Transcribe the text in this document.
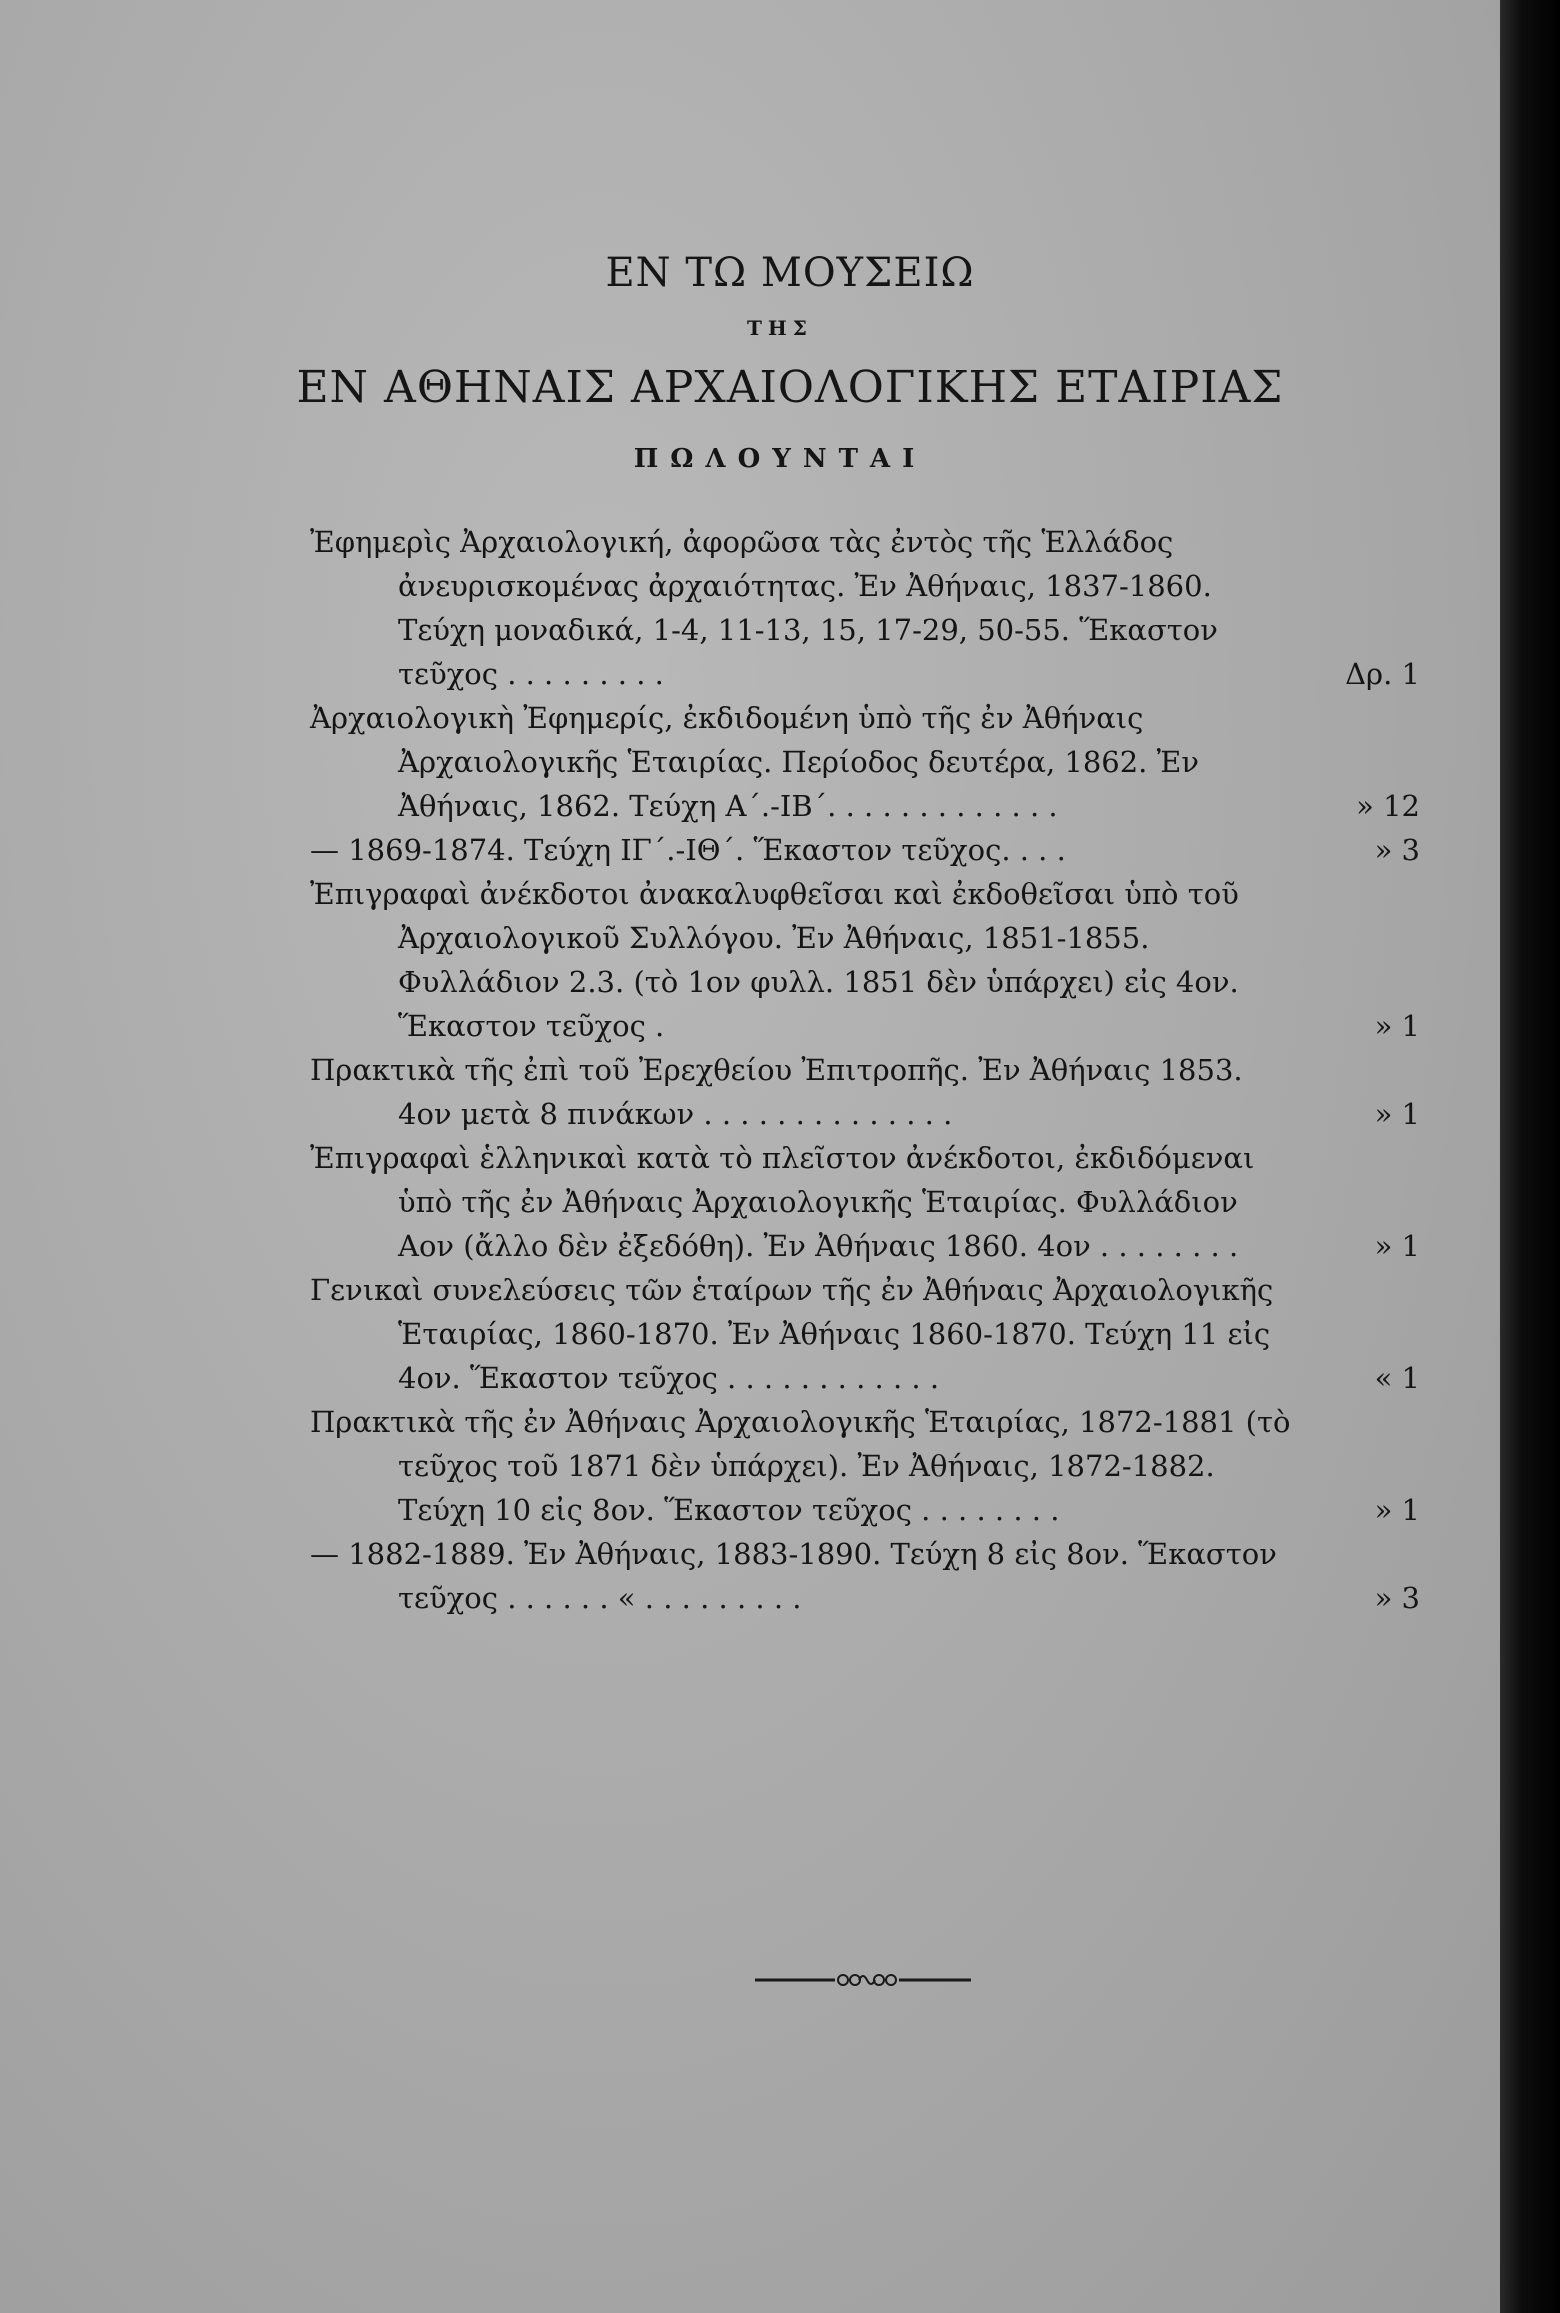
ΕΝ ΤΩ ΜΟΥΣΕΙΩ
ΤΗΣ
ΕΝ ΑΘΗΝΑΙΣ ΑΡΧΑΙΟΛΟΓΙΚΗΣ ΕΤΑΙΡΙΑΣ
ΠΩΛΟΥΝΤΑΙ
Ἐφημερὶς Ἀρχαιολογική, ἀφορῶσα τὰς ἐντὸς τῆς Ἑλλάδος ἀνευρισκομένας ἀρχαιότητας. Ἐν Ἀθήναις, 1837-1860. Τεύχη μοναδικά, 1-4, 11-13, 15, 17-29, 50-55. Ἕκαστον τεῦχος . . . . . . . . .	Δρ. 1
Ἀρχαιολογικὴ Ἐφημερίς, ἐκδιδομένη ὑπὸ τῆς ἐν Ἀθήναις Ἀρχαιολογικῆς Ἑταιρίας. Περίοδος δευτέρα, 1862. Ἐν Ἀθήναις, 1862. Τεύχη Α΄.-ΙΒ΄. . . . . . . . . . . . .	» 12
— 1869-1874. Τεύχη ΙΓ΄.-ΙΘ΄. Ἕκαστον τεῦχος. . . .	» 3
Ἐπιγραφαὶ ἀνέκδοτοι ἀνακαλυφθεῖσαι καὶ ἐκδοθεῖσαι ὑπὸ τοῦ Ἀρχαιολογικοῦ Συλλόγου. Ἐν Ἀθήναις, 1851-1855. Φυλλάδιον 2.3. (τὸ 1ον φυλλ. 1851 δὲν ὑπάρχει) εἰς 4ον. Ἕκαστον τεῦχος .	» 1
Πρακτικὰ τῆς ἐπὶ τοῦ Ἐρεχθείου Ἐπιτροπῆς. Ἐν Ἀθήναις 1853. 4ον μετὰ 8 πινάκων . . . . . . . . . . . . . .	» 1
Ἐπιγραφαὶ ἑλληνικαὶ κατὰ τὸ πλεῖστον ἀνέκδοτοι, ἐκδιδόμεναι ὑπὸ τῆς ἐν Ἀθήναις Ἀρχαιολογικῆς Ἑταιρίας. Φυλλάδιον Αον (ἄλλο δὲν ἐξεδόθη). Ἐν Ἀθήναις 1860. 4ον . . . . . . . .	» 1
Γενικαὶ συνελεύσεις τῶν ἑταίρων τῆς ἐν Ἀθήναις Ἀρχαιολογικῆς Ἑταιρίας, 1860-1870. Ἐν Ἀθήναις 1860-1870. Τεύχη 11 εἰς 4ον. Ἕκαστον τεῦχος . . . . . . . . . . . .	« 1
Πρακτικὰ τῆς ἐν Ἀθήναις Ἀρχαιολογικῆς Ἑταιρίας, 1872-1881 (τὸ τεῦχος τοῦ 1871 δὲν ὑπάρχει). Ἐν Ἀθήναις, 1872-1882. Τεύχη 10 εἰς 8ον. Ἕκαστον τεῦχος . . . . . . . .	» 1
— 1882-1889. Ἐν Ἀθήναις, 1883-1890. Τεύχη 8 εἰς 8ον. Ἕκαστον τεῦχος . . . . . . « . . . . . . . . .	» 3
